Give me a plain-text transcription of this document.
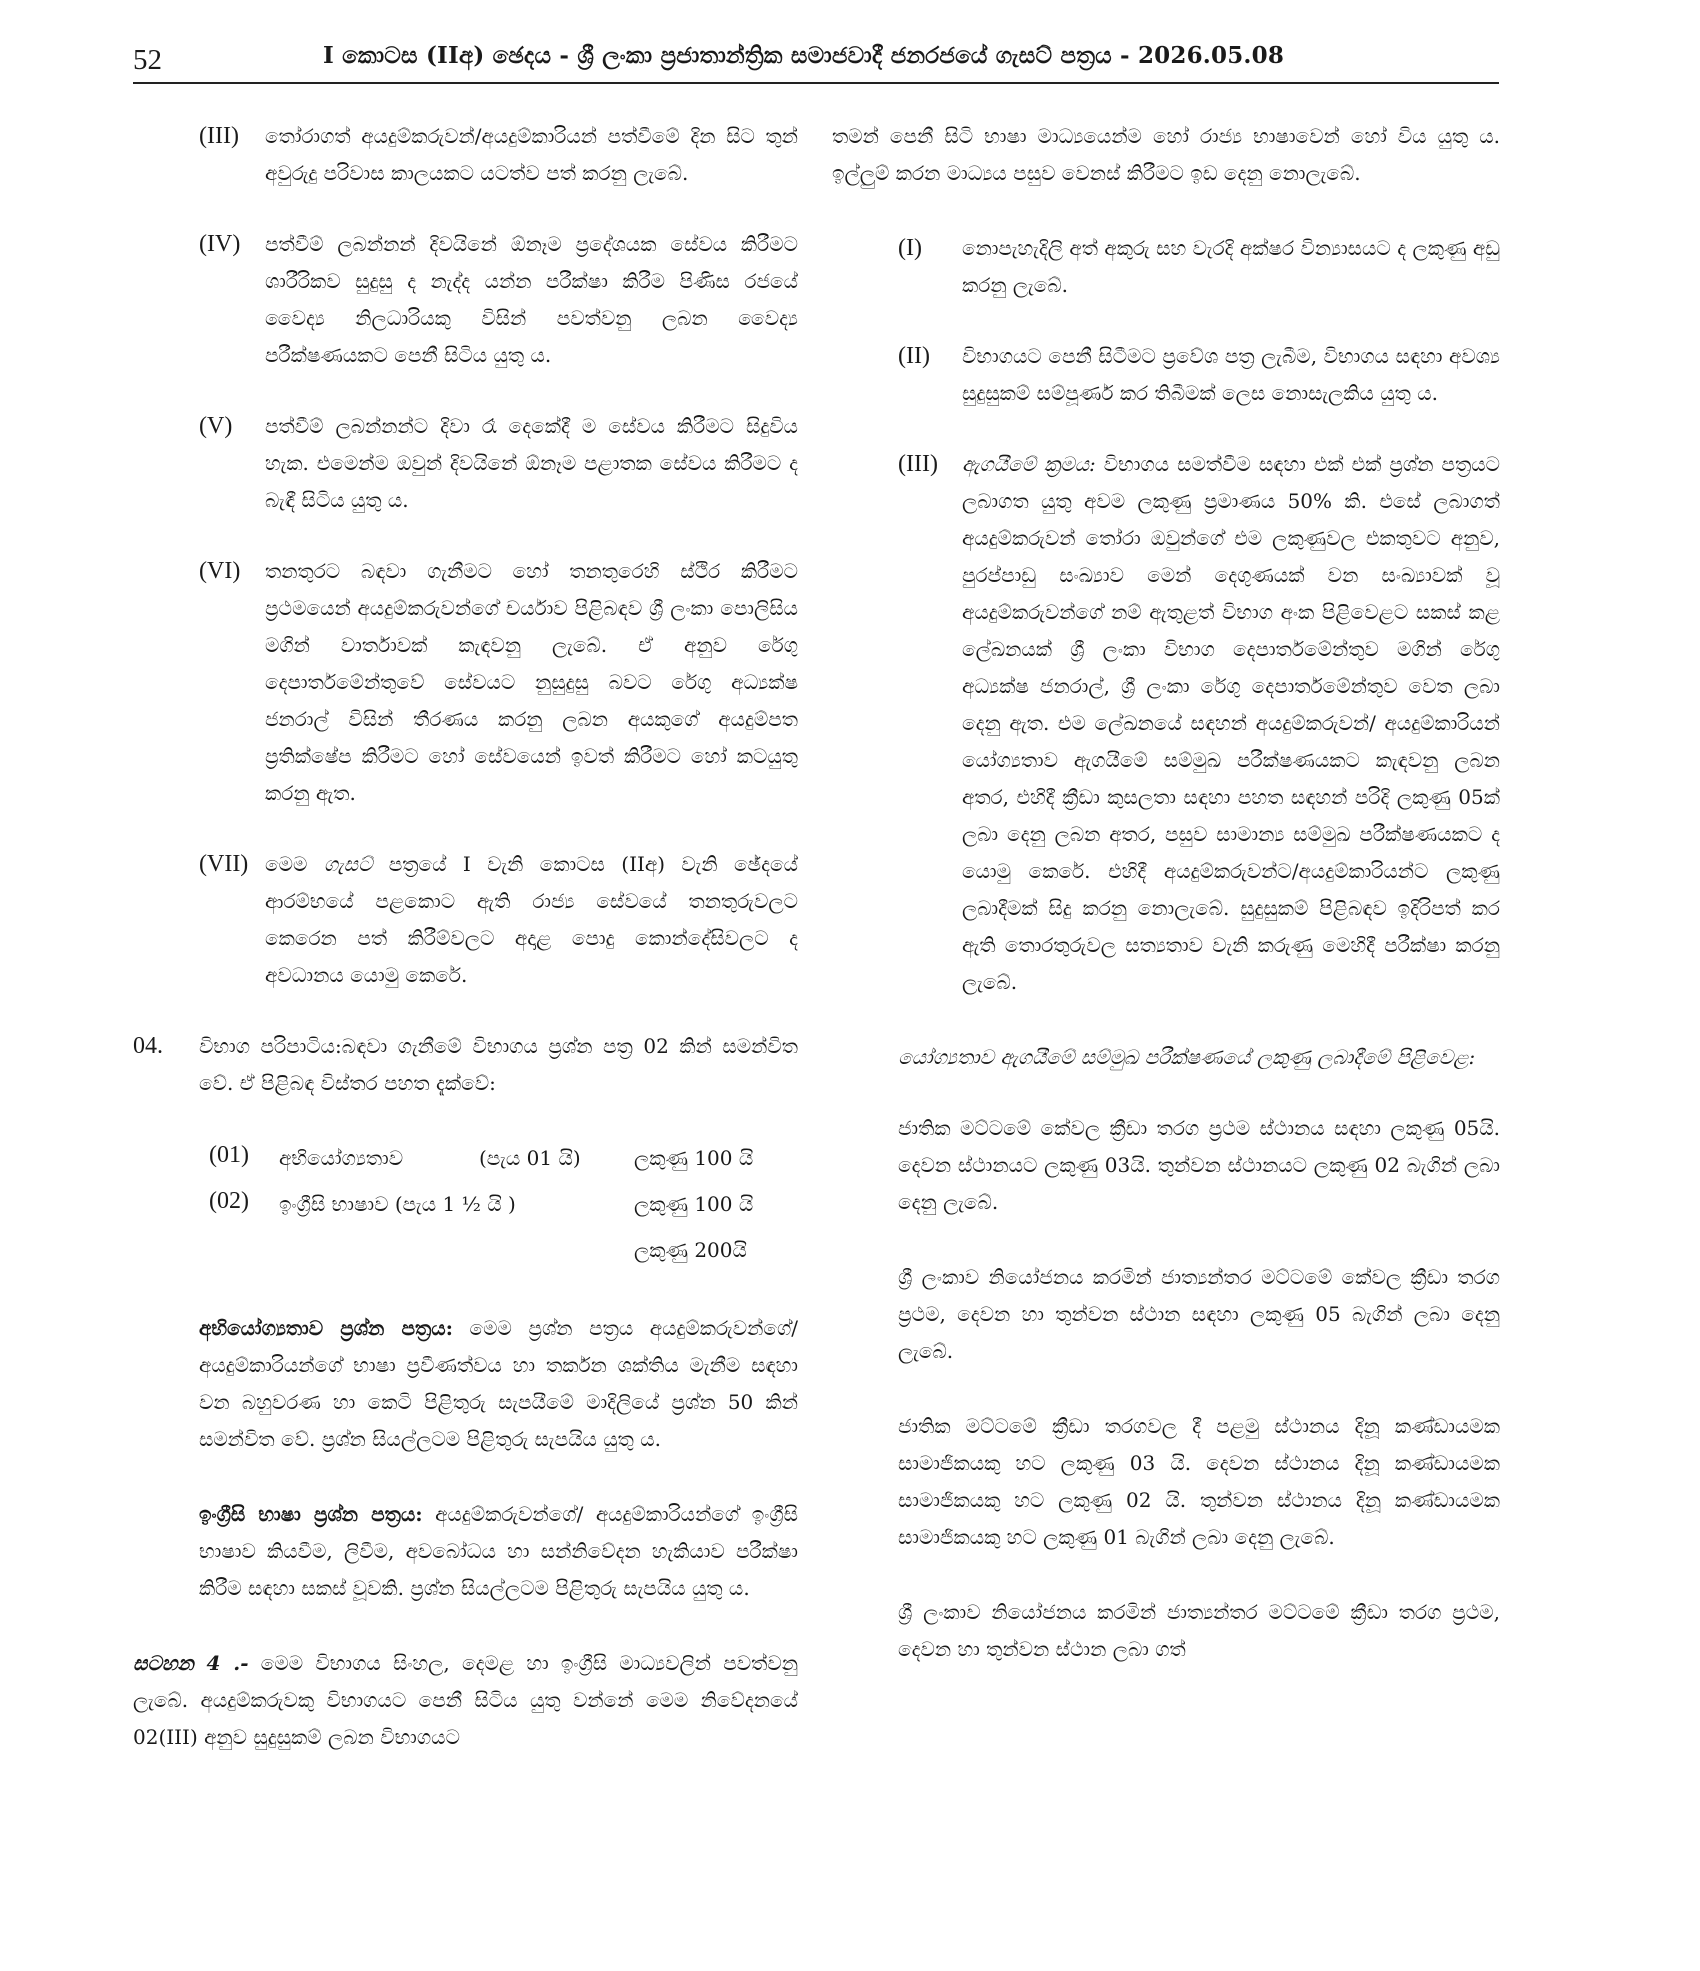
52	I කොටස (IIඅ) ඡෙදය - ශ්‍රී ලංකා ප්‍රජාතාන්ත්‍රික සමාජවාදී ජනරජයේ ගැසට් පත්‍රය - 2026.05.08
(III) තෝරාගත් අයදුම්කරුවන්/අයදුම්කාරියන් පත්වීමේ දින සිට තුන් අවුරුදු පරිවාස කාලයකට යටත්ව පත් කරනු ලැබේ.
(IV) පත්වීම් ලබන්නන් දිවයිනේ ඕනෑම ප්‍රදේශයක සේවය කිරීමට ශාරීරිකව සුදුසු ද නැද්ද යන්න පරීක්ෂා කිරීම පිණිස රජයේ වෛද්‍ය නිලධාරියකු විසින් පවත්වනු ලබන වෛද්‍ය පරීක්ෂණයකට පෙනී සිටිය යුතු ය.
(V) පත්වීම් ලබන්නන්ට දිවා රෑ දෙකේදී ම සේවය කිරීමට සිදුවිය හැක. එමෙන්ම ඔවුන් දිවයිනේ ඕනෑම පළාතක සේවය කිරීමට ද බැඳී සිටිය යුතු ය.
(VI) තනතුරට බඳවා ගැනීමට හෝ තනතුරෙහි ස්ථිර කිරීමට ප්‍රථමයෙන් අයදුම්කරුවන්ගේ චර්යාව පිළිබඳව ශ්‍රී ලංකා පොලිසිය මගින් වාර්තාවක් කැඳවනු ලැබේ. ඒ අනුව රේගු දෙපාර්තමේන්තුවේ සේවයට නුසුදුසු බවට රේගු අධ්‍යක්ෂ ජනරාල් විසින් තීරණය කරනු ලබන අයකුගේ අයදුම්පත ප්‍රතික්ෂේප කිරීමට හෝ සේවයෙන් ඉවත් කිරීමට හෝ කටයුතු කරනු ඇත.
(VII) මෙම ගැසට් පත්‍රයේ I වැනි කොටස (IIඅ) වැනි ඡේදයේ ආරම්භයේ පළකොට ඇති රාජ්‍ය සේවයේ තනතුරුවලට කෙරෙන පත් කිරීම්වලට අදාළ පොදු කොන්දේසිවලට ද අවධානය යොමු කෙරේ.
04. විභාග පරිපාටිය:බඳවා ගැනීමේ විභාගය ප්‍රශ්න පත්‍ර 02 කින් සමන්විත වේ. ඒ පිළිබඳ විස්තර පහත දැක්වේ:
(01) අභියෝග්‍යතාව	(පැය 01 යි)	ලකුණු 100 යි
(02) ඉංග්‍රීසි භාෂාව (පැය 1 ½ යි )	ලකුණු 100 යි
ලකුණු 200යි

අභියෝග්‍යතාව ප්‍රශ්න පත්‍රය: මෙම ප්‍රශ්න පත්‍රය අයදුම්කරුවන්ගේ/අයදුම්කාරියන්ගේ භාෂා ප්‍රවීණත්වය හා තර්කන ශක්තිය මැනීම සඳහා වන බහුවරණ හා කෙටි පිළිතුරු සැපයීමේ මාදිලියේ ප්‍රශ්න 50 කින් සමන්විත වේ. ප්‍රශ්න සියල්ලටම පිළිතුරු සැපයිය යුතු ය.

ඉංග්‍රීසි භාෂා ප්‍රශ්න පත්‍රය: අයදුම්කරුවන්ගේ/ අයදුම්කාරියන්ගේ ඉංග්‍රීසි භාෂාව කියවීම, ලිවීම, අවබෝධය හා සන්නිවේදන හැකියාව පරීක්ෂා කිරීම සඳහා සකස් වූවකි. ප්‍රශ්න සියල්ලටම පිළිතුරු සැපයිය යුතු ය.

සටහන 4 .- මෙම විභාගය සිංහල, දෙමළ හා ඉංග්‍රීසි මාධ්‍යවලින් පවත්වනු ලැබේ. අයදුම්කරුවකු විභාගයට පෙනී සිටිය යුතු වන්නේ මෙම නිවේදනයේ 02(III) අනුව සුදුසුකම් ලබන විභාගයට

තමන් පෙනී සිටි භාෂා මාධ්‍යයෙන්ම හෝ රාජ්‍ය භාෂාවෙන් හෝ විය යුතු ය. ඉල්ලුම් කරන මාධ්‍යය පසුව වෙනස් කිරීමට ඉඩ දෙනු නොලැබේ.

(I) නොපැහැදිලි අත් අකුරු සහ වැරදි අක්ෂර වින්‍යාසයට ද ලකුණු අඩු කරනු ලැබේ.
(II) විභාගයට පෙනී සිටීමට ප්‍රවේශ පත්‍ර ලැබීම, විභාගය සඳහා අවශ්‍ය සුදුසුකම් සම්පූර්ණ කර තිබීමක් ලෙස නොසැලකිය යුතු ය.
(III) ඇගයීමේ ක්‍රමය: විභාගය සමත්වීම සඳහා එක් එක් ප්‍රශ්න පත්‍රයට ලබාගත යුතු අවම ලකුණු ප්‍රමාණය 50% කි. එසේ ලබාගත් අයදුම්කරුවන් තෝරා ඔවුන්ගේ එම ලකුණුවල එකතුවට අනුව, පුරප්පාඩු සංඛ්‍යාව මෙන් දෙගුණයක් වන සංඛ්‍යාවක් වූ අයදුම්කරුවන්ගේ නම් ඇතුළත් විභාග අංක පිළිවෙළට සකස් කළ ලේඛනයක් ශ්‍රී ලංකා විභාග දෙපාර්තමේන්තුව මගින් රේගු අධ්‍යක්ෂ ජනරාල්, ශ්‍රී ලංකා රේගු දෙපාර්තමේන්තුව වෙත ලබා දෙනු ඇත. එම ලේඛනයේ සඳහන් අයදුම්කරුවන්/ අයදුම්කාරියන් යෝග්‍යතාව ඇගයීමේ සම්මුඛ පරීක්ෂණයකට කැඳවනු ලබන අතර, එහිදී ක්‍රීඩා කුසලතා සඳහා පහත සඳහන් පරිදි ලකුණු 05ක් ලබා දෙනු ලබන අතර, පසුව සාමාන්‍ය සම්මුඛ පරීක්ෂණයකට ද යොමු කෙරේ. එහිදී අයදුම්කරුවන්ට/අයදුම්කාරියන්ට ලකුණු ලබාදීමක් සිදු කරනු නොලැබේ. සුදුසුකම් පිළිබඳව ඉදිරිපත් කර ඇති තොරතුරුවල සත්‍යතාව වැනි කරුණු මෙහිදී පරීක්ෂා කරනු ලැබේ.

යෝග්‍යතාව ඇගයීමේ සම්මුඛ පරීක්ෂණයේ ලකුණු ලබාදීමේ පිළිවෙළ:

ජාතික මට්ටමේ කේවල ක්‍රීඩා තරග ප්‍රථම ස්ථානය සඳහා ලකුණු 05යි. දෙවන ස්ථානයට ලකුණු 03යි. තුන්වන ස්ථානයට ලකුණු 02 බැගින් ලබා දෙනු ලැබේ.

ශ්‍රී ලංකාව නියෝජනය කරමින් ජාත්‍යන්තර මට්ටමේ කේවල ක්‍රීඩා තරග ප්‍රථම, දෙවන හා තුන්වන ස්ථාන සඳහා ලකුණු 05 බැගින් ලබා දෙනු ලැබේ.

ජාතික මට්ටමේ ක්‍රීඩා තරගවල දී පළමු ස්ථානය දිනූ කණ්ඩායමක සාමාජිකයකු හට ලකුණු 03 යි. දෙවන ස්ථානය දිනූ කණ්ඩායමක සාමාජිකයකු හට ලකුණු 02 යි. තුන්වන ස්ථානය දිනූ කණ්ඩායමක සාමාජිකයකු හට ලකුණු 01 බැගින් ලබා දෙනු ලැබේ.

ශ්‍රී ලංකාව නියෝජනය කරමින් ජාත්‍යන්තර මට්ටමේ ක්‍රීඩා තරග ප්‍රථම, දෙවන හා තුන්වන ස්ථාන ලබා ගත්
